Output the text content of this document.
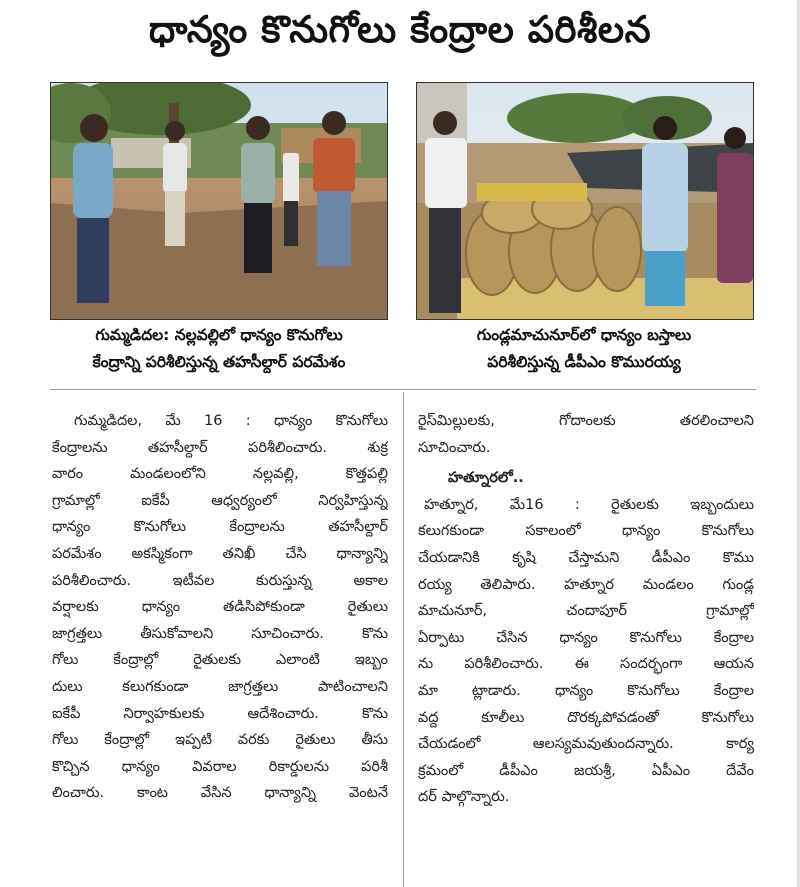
ధాన్యం కొనుగోలు కేంద్రాల పరిశీలన
గుమ్మడిదల: నల్లవల్లిలో ధాన్యం కొనుగోలు
కేంద్రాన్ని పరిశీలిస్తున్న తహసీల్దార్ పరమేశం
గుండ్లమాచునూర్‌లో ధాన్యం బస్తాలు
పరిశీలిస్తున్న డీపీఎం కొమురయ్య
గుమ్మడిదల, మే 16 : ధాన్యం కొనుగోలు
కేంద్రాలను తహసీల్దార్ పరిశీలించారు. శుక్ర
వారం మండలంలోని నల్లవల్లి, కొత్తపల్లి
గ్రామాల్లో ఐకేపీ ఆధ్వర్యంలో నిర్వహిస్తున్న
ధాన్యం కొనుగోలు కేంద్రాలను తహసీల్దార్
పరమేశం అకస్మికంగా తనిఖీ చేసి ధాన్యాన్ని
పరిశీలించారు. ఇటీవల కురుస్తున్న అకాల
వర్షాలకు ధాన్యం తడిసిపోకుండా రైతులు
జాగ్రత్తలు తీసుకోవాలని సూచించారు. కొను
గోలు కేంద్రాల్లో రైతులకు ఎలాంటి ఇబ్బం
దులు కలుగకుండా జాగ్రత్తలు పాటించాలని
ఐకేపీ నిర్వాహకులకు ఆదేశించారు. కొను
గోలు కేంద్రాల్లో ఇప్పటి వరకు రైతులు తీసు
కొచ్చిన ధాన్యం వివరాల రికార్డులను పరిశీ
లించారు. కాంట వేసిన ధాన్యాన్ని వెంటనే
రైస్‌మిల్లులకు, గోదాంలకు తరలించాలని
సూచించారు.
హత్నూరలో..
హత్నూర, మే16 : రైతులకు ఇబ్బందులు
కలుగకుండా సకాలంలో ధాన్యం కొనుగోలు
చేయడానికి కృషి చేస్తామని డీపీఎం కొము
రయ్య తెలిపారు. హత్నూర మండలం గుండ్ల
మాచునూర్, చందాపూర్ గ్రామాల్లో
ఏర్పాటు చేసిన ధాన్యం కొనుగోలు కేంద్రాల
ను పరిశీలించారు. ఈ సందర్భంగా ఆయన
మా ట్లాడారు. ధాన్యం కొనుగోలు కేంద్రాల
వద్ద కూలీలు దొరక్కపోవడంతో కొనుగోలు
చేయడంలో ఆలస్యమవుతుందన్నారు. కార్య
క్రమంలో డీపీఎం జయశ్రీ, ఏపీఎం దేవేం
దర్ పాల్గొన్నారు.
